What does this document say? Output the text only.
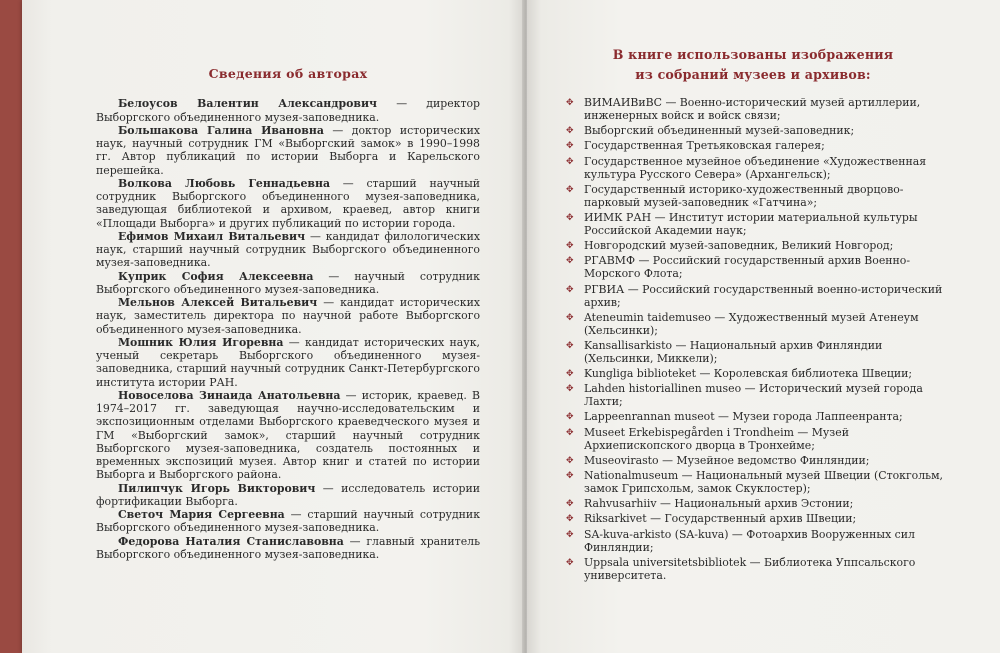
Сведения об авторах

Белоусов Валентин Александрович — директор Выборгского объединенного музея-заповедника.

Большакова Галина Ивановна — доктор исторических наук, научный сотрудник ГМ «Выборгский замок» в 1990–1998 гг. Автор публикаций по истории Выборга и Карельского перешейка.

Волкова Любовь Геннадьевна — старший научный сотрудник Выборгского объединенного музея-заповедника, заведующая библиотекой и архивом, краевед, автор книги «Площади Выборга» и других публикаций по истории города.

Ефимов Михаил Витальевич — кандидат филологических наук, старший научный сотрудник Выборгского объединенного музея-заповедника.

Куприк София Алексеевна — научный сотрудник Выборгского объединенного музея-заповедника.

Мельнов Алексей Витальевич — кандидат исторических наук, заместитель директора по научной работе Выборгского объединенного музея-заповедника.

Мошник Юлия Игоревна — кандидат исторических наук, ученый секретарь Выборгского объединенного музея-заповедника, старший научный сотрудник Санкт-Петербургского института истории РАН.

Новоселова Зинаида Анатольевна — историк, краевед. В 1974–2017 гг. заведующая научно-исследовательским и экспозиционным отделами Выборгского краеведческого музея и ГМ «Выборгский замок», старший научный сотрудник Выборгского музея-заповедника, создатель постоянных и временных экспозиций музея. Автор книг и статей по истории Выборга и Выборгского района.

Пилипчук Игорь Викторович — исследователь истории фортификации Выборга.

Светоч Мария Сергеевна — старший научный сотрудник Выборгского объединенного музея-заповедника.

Федорова Наталия Станиславовна — главный хранитель Выборгского объединенного музея-заповедника.

В книге использованы изображения
из собраний музеев и архивов:
✥ ВИМАИВиВС — Военно-исторический музей артиллерии, инженерных войск и войск связи;
✥ Выборгский объединенный музей-заповедник;
✥ Государственная Третьяковская галерея;
✥ Государственное музейное объединение «Художественная культура Русского Севера» (Архангельск);
✥ Государственный историко-художественный дворцово-парковый музей-заповедник «Гатчина»;
✥ ИИМК РАН — Институт истории материальной культуры Российской Академии наук;
✥ Новгородский музей-заповедник, Великий Новгород;
✥ РГАВМФ — Российский государственный архив Военно-Морского Флота;
✥ РГВИА — Российский государственный военно-исторический архив;
✥ Ateneumin taidemuseo — Художественный музей Атенеум (Хельсинки);
✥ Kansallisarkisto — Национальный архив Финляндии (Хельсинки, Миккели);
✥ Kungliga biblioteket — Королевская библиотека Швеции;
✥ Lahden historiallinen museo — Исторический музей города Лахти;
✥ Lappeenrannan museot — Музеи города Лаппеенранта;
✥ Museet Erkebispegården i Trondheim — Музей Архиепископского дворца в Тронхейме;
✥ Museovirasto — Музейное ведомство Финляндии;
✥ Nationalmuseum — Национальный музей Швеции (Стокгольм, замок Грипсхольм, замок Скуклостер);
✥ Rahvusarhiiv — Национальный архив Эстонии;
✥ Riksarkivet — Государственный архив Швеции;
✥ SA-kuva-arkisto (SA-kuva) — Фотоархив Вооруженных сил Финляндии;
✥ Uppsala universitetsbibliotek — Библиотека Уппсальского университета.
